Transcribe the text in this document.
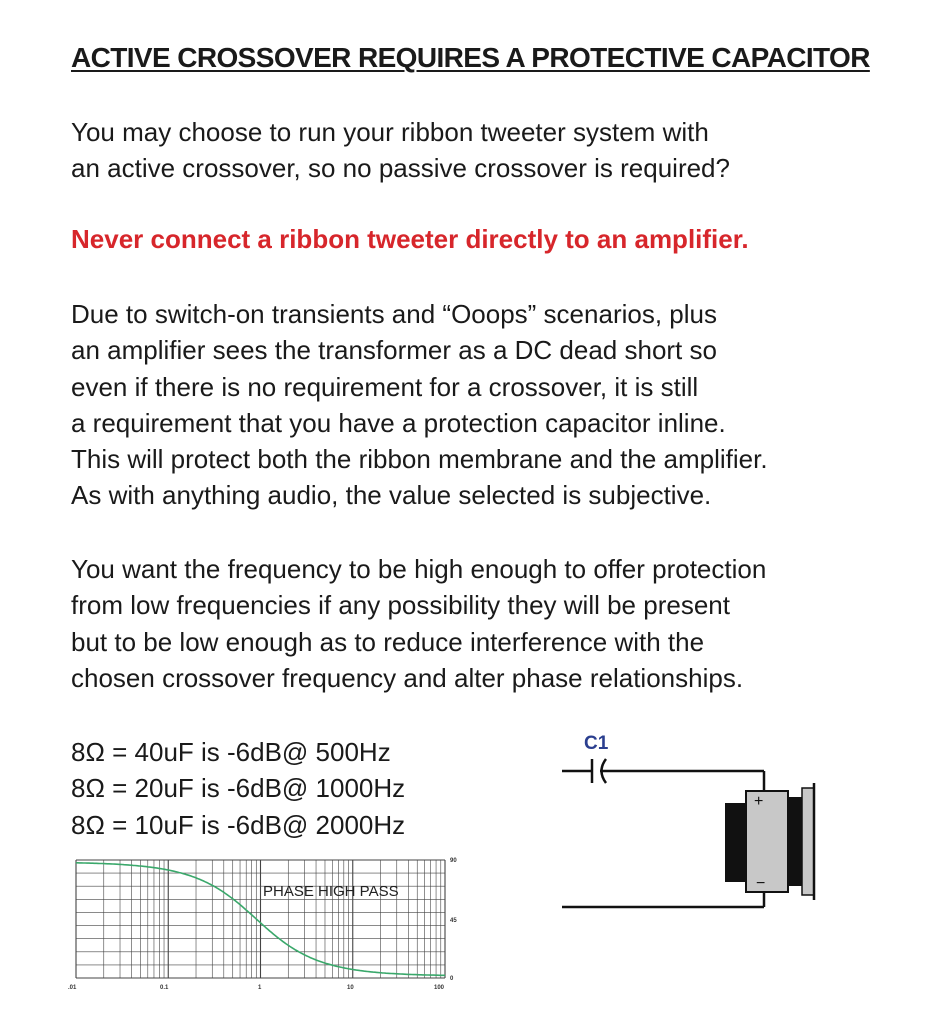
ACTIVE CROSSOVER REQUIRES A PROTECTIVE CAPACITOR
You may choose to run your ribbon tweeter system with
an active crossover, so no passive crossover is required?
Never connect a ribbon tweeter directly to an amplifier.
Due to switch-on transients and “Ooops” scenarios, plus
an amplifier sees the transformer as a DC dead short so
even if there is no requirement for a crossover, it is still
a requirement that you have a protection capacitor inline.
This will protect both the ribbon membrane and the amplifier.
As with anything audio, the value selected is subjective.
You want the frequency to be high enough to offer protection
from low frequencies if any possibility they will be present
but to be low enough as to reduce interference with the
chosen crossover frequency and alter phase relationships.
8Ω = 40uF is -6dB@ 500Hz
8Ω = 20uF is -6dB@ 1000Hz
8Ω = 10uF is -6dB@ 2000Hz
PHASE HIGH PASS
90
45
0
.01	0.1	1	10	100
C1
+
−
